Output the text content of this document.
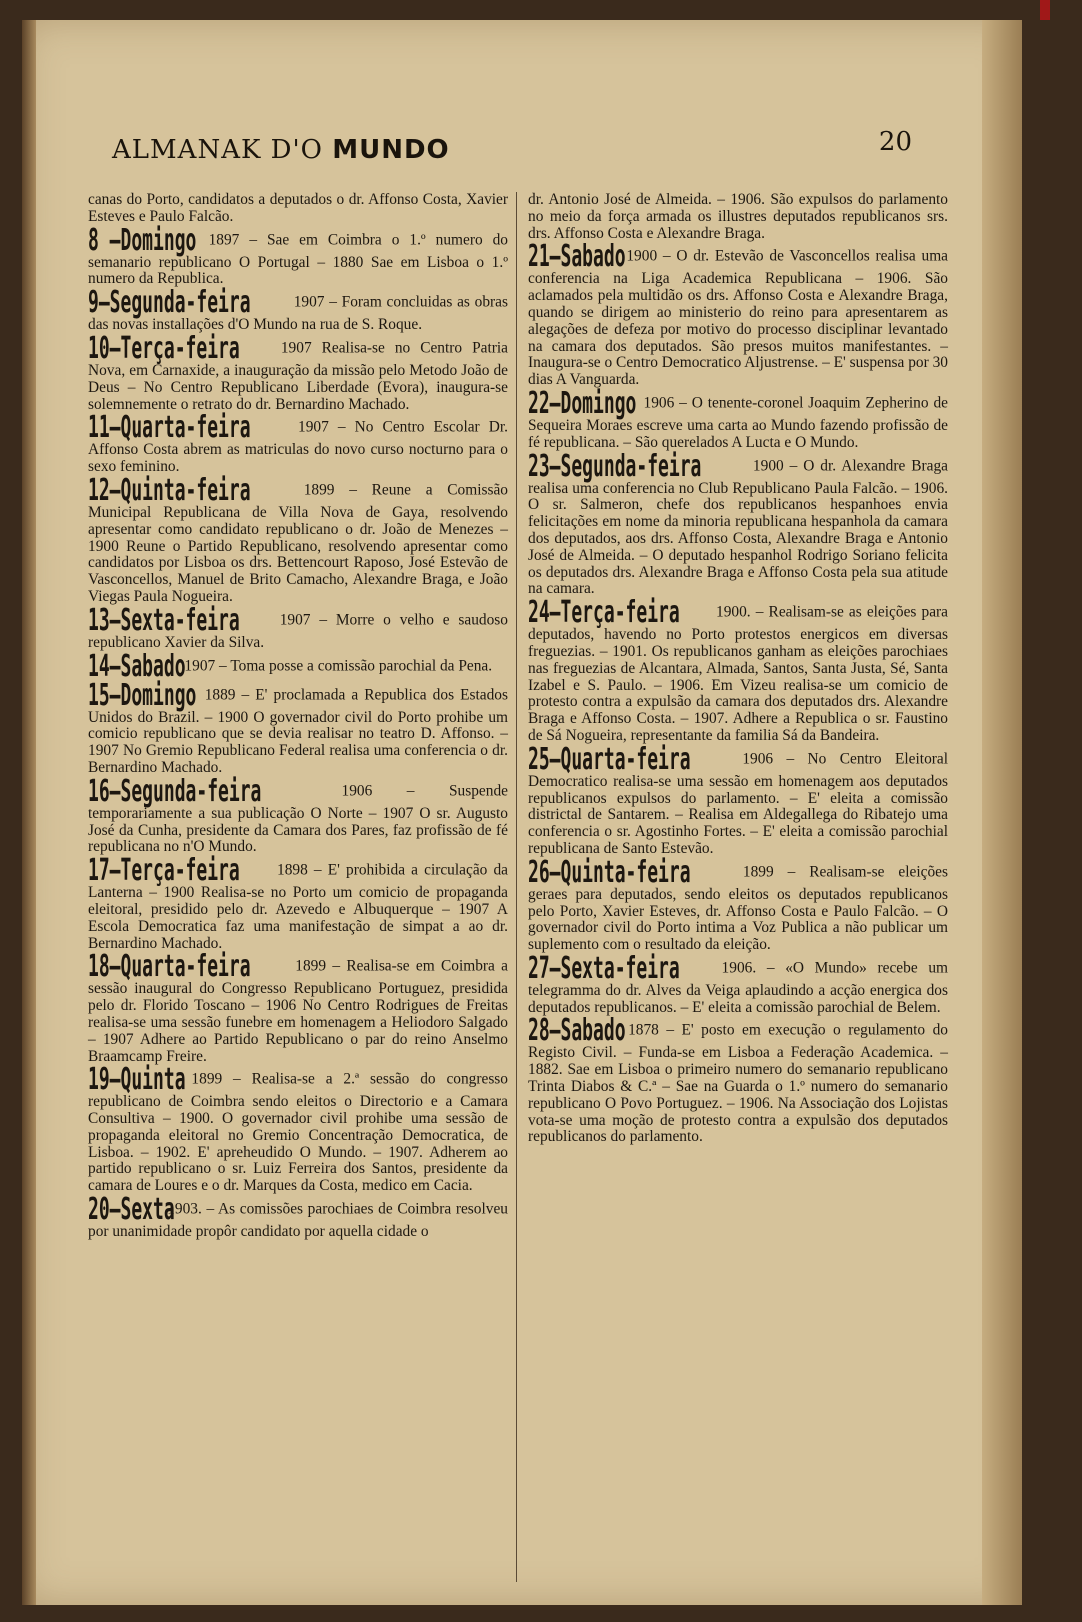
ALMANAK D'O MUNDO	20
canas do Porto, candidatos a deputados o dr. Affonso Costa, Xavier Esteves e Paulo Falcão.
8 —Domingo 1897 – Sae em Coimbra o 1.º numero do semanario republicano O Portugal – 1880 Sae em Lisboa o 1.º numero da Republica.
9—Segunda-feira	1907 – Foram concluidas as obras das novas installações d'O Mundo na rua de S. Roque.
10—Terça-feira	1907 Realisa-se no Centro Patria Nova, em Carnaxide, a inauguração da missão pelo Metodo João de Deus – No Centro Republicano Liberdade (Evora), inaugura-se solemnemente o retrato do dr. Bernardino Machado.
11—Quarta-feira	1907 – No Centro Escolar Dr. Affonso Costa abrem as matriculas do novo curso nocturno para o sexo feminino.
12—Quinta-feira	1899 – Reune a Comissão Municipal Republicana de Villa Nova de Gaya, resolvendo apresentar como candidato republicano o dr. João de Menezes – 1900 Reune o Partido Republicano, resolvendo apresentar como candidatos por Lisboa os drs. Bettencourt Raposo, José Estevão de Vasconcellos, Manuel de Brito Camacho, Alexandre Braga, e João Viegas Paula Nogueira.
13—Sexta-feira	1907 – Morre o velho e saudoso republicano Xavier da Silva.
14—Sabado 1907 – Toma posse a comissão parochial da Pena.
15—Domingo 1889 – E' proclamada a Republica dos Estados Unidos do Brazil. – 1900 O governador civil do Porto prohibe um comicio republicano que se devia realisar no teatro D. Affonso. – 1907 No Gremio Republicano Federal realisa uma conferencia o dr. Bernardino Machado.
16—Segunda-feira	1906 – Suspende temporariamente a sua publicação O Norte – 1907 O sr. Augusto José da Cunha, presidente da Camara dos Pares, faz profissão de fé republicana no n'O Mundo.
17—Terça-feira 1898 – E' prohibida a circulação da Lanterna – 1900 Realisa-se no Porto um comicio de propaganda eleitoral, presidido pelo dr. Azevedo e Albuquerque – 1907 A Escola Democratica faz uma manifestação de simpat a ao dr. Bernardino Machado.
18—Quarta-feira	1899 – Realisa-se em Coimbra a sessão inaugural do Congresso Republicano Portuguez, presidida pelo dr. Florido Toscano – 1906 No Centro Rodrigues de Freitas realisa-se uma sessão funebre em homenagem a Heliodoro Salgado – 1907 Adhere ao Partido Republicano o par do reino Anselmo Braamcamp Freire.
19—Quinta 1899 – Realisa-se a 2.ª sessão do congresso republicano de Coimbra sendo eleitos o Directorio e a Camara Consultiva – 1900. O governador civil prohibe uma sessão de propaganda eleitoral no Gremio Concentração Democratica, de Lisboa. – 1902. E' apreheudido O Mundo. – 1907. Adherem ao partido republicano o sr. Luiz Ferreira dos Santos, presidente da camara de Loures e o dr. Marques da Costa, medico em Cacia.
20—Sexta 1903. – As comissões parochiaes de Coimbra resolveu por unanimidade propôr candidato por aquella cidade o
dr. Antonio José de Almeida. – 1906. São expulsos do parlamento no meio da força armada os illustres deputados republicanos srs. drs. Affonso Costa e Alexandre Braga.
21—Sabado 1900 – O dr. Estevão de Vasconcellos realisa uma conferencia na Liga Academica Republicana – 1906. São aclamados pela multidão os drs. Affonso Costa e Alexandre Braga, quando se dirigem ao ministerio do reino para apresentarem as alegações de defeza por motivo do processo disciplinar levantado na camara dos deputados. São presos muitos manifestantes. – Inaugura-se o Centro Democratico Aljustrense. – E' suspensa por 30 dias A Vanguarda.
22—Domingo 1906 – O tenente-coronel Joaquim Zepherino de Sequeira Moraes escreve uma carta ao Mundo fazendo profissão de fé republicana. – São querelados A Lucta e O Mundo.
23—Segunda-feira	1900 – O dr. Alexandre Braga realisa uma conferencia no Club Republicano Paula Falcão. – 1906. O sr. Salmeron, chefe dos republicanos hespanhoes envia felicitações em nome da minoria republicana hespanhola da camara dos deputados, aos drs. Affonso Costa, Alexandre Braga e Antonio José de Almeida. – O deputado hespanhol Rodrigo Soriano felicita os deputados drs. Alexandre Braga e Affonso Costa pela sua atitude na camara.
24—Terça-feira 1900. – Realisam-se as eleições para deputados, havendo no Porto protestos energicos em diversas freguezias. – 1901. Os republicanos ganham as eleições parochiaes nas freguezias de Alcantara, Almada, Santos, Santa Justa, Sé, Santa Izabel e S. Paulo. – 1906. Em Vizeu realisa-se um comicio de protesto contra a expulsão da camara dos deputados drs. Alexandre Braga e Affonso Costa. – 1907. Adhere a Republica o sr. Faustino de Sá Nogueira, representante da familia Sá da Bandeira.
25—Quarta-feira	1906 – No Centro Eleitoral Democratico realisa-se uma sessão em homenagem aos deputados republicanos expulsos do parlamento. – E' eleita a comissão districtal de Santarem. – Realisa em Aldegallega do Ribatejo uma conferencia o sr. Agostinho Fortes. – E' eleita a comissão parochial republicana de Santo Estevão.
26—Quinta-feira	1899 – Realisam-se eleições geraes para deputados, sendo eleitos os deputados republicanos pelo Porto, Xavier Esteves, dr. Affonso Costa e Paulo Falcão. – O governador civil do Porto intima a Voz Publica a não publicar um suplemento com o resultado da eleição.
27—Sexta-feira	1906. – «O Mundo» recebe um telegramma do dr. Alves da Veiga aplaudindo a acção energica dos deputados republicanos. – E' eleita a comissão parochial de Belem.
28—Sabado 1878 – E' posto em execução o regulamento do Registo Civil. – Funda-se em Lisboa a Federação Academica. – 1882. Sae em Lisboa o primeiro numero do semanario republicano Trinta Diabos & C.ª – Sae na Guarda o 1.º numero do semanario republicano O Povo Portuguez. – 1906. Na Associação dos Lojistas vota-se uma moção de protesto contra a expulsão dos deputados republicanos do parlamento.
